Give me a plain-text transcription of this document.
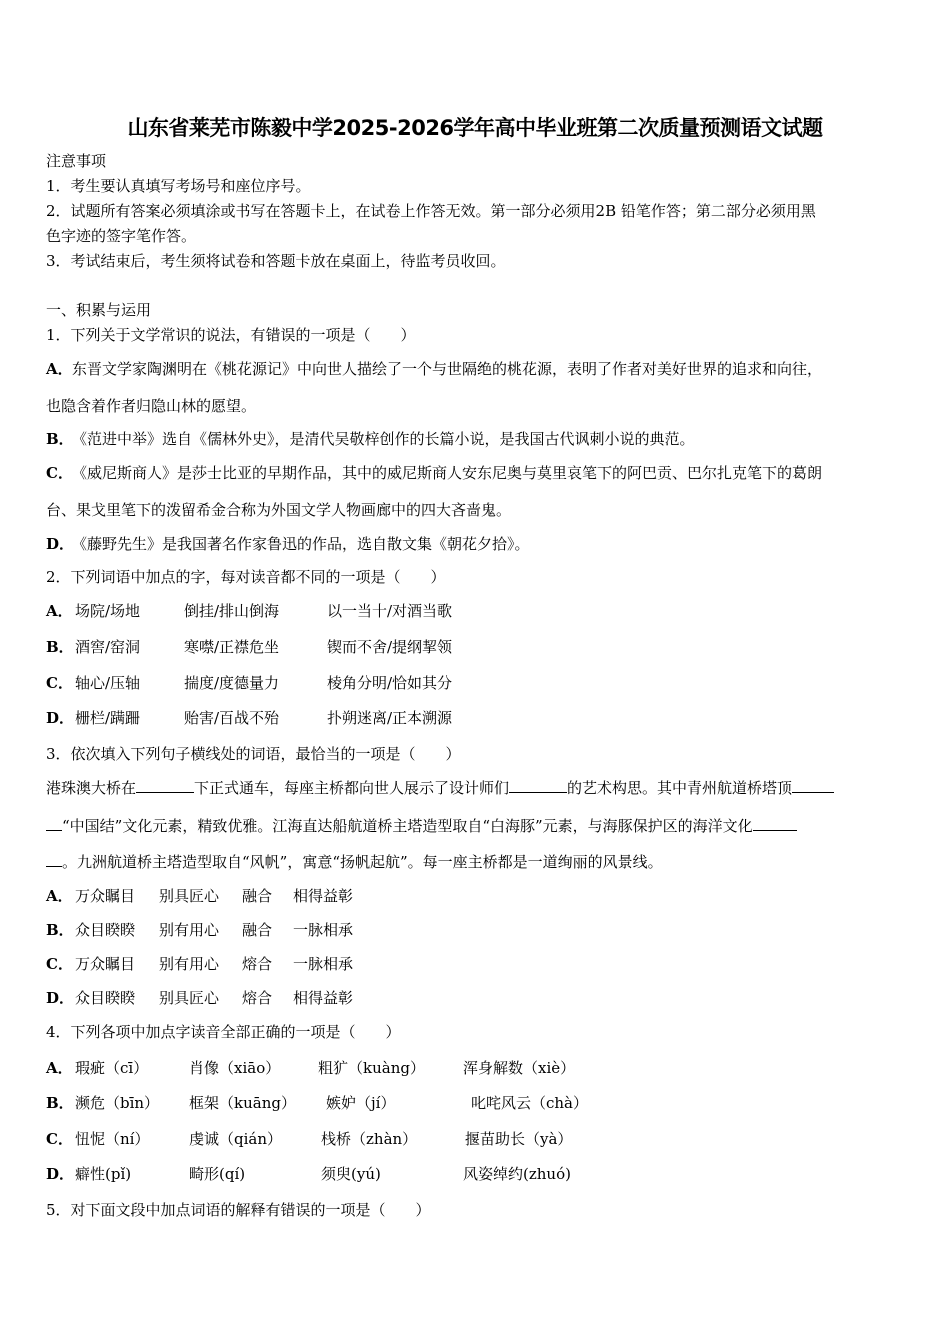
山东省莱芜市陈毅中学2025-2026学年高中毕业班第二次质量预测语文试题
注意事项
1．考生要认真填写考场号和座位序号。
2．试题所有答案必须填涂或书写在答题卡上，在试卷上作答无效。第一部分必须用2B 铅笔作答；第二部分必须用黑
色字迹的签字笔作答。
3．考试结束后，考生须将试卷和答题卡放在桌面上，待监考员收回。
一、积累与运用
1．下列关于文学常识的说法，有错误的一项是（　　）
A．东晋文学家陶渊明在《桃花源记》中向世人描绘了一个与世隔绝的桃花源，表明了作者对美好世界的追求和向往，
也隐含着作者归隐山林的愿望。
B．《范进中举》选自《儒林外史》，是清代吴敬梓创作的长篇小说，是我国古代讽刺小说的典范。
C．《威尼斯商人》是莎士比亚的早期作品，其中的威尼斯商人安东尼奥与莫里哀笔下的阿巴贡、巴尔扎克笔下的葛朗
台、果戈里笔下的泼留希金合称为外国文学人物画廊中的四大吝啬鬼。
D．《藤野先生》是我国著名作家鲁迅的作品，选自散文集《朝花夕拾》。
2．下列词语中加点的字，每对读音都不同的一项是（　　）
A． 场院/场地	倒挂/排山倒海	以一当十/对酒当歌
B． 酒窖/窑洞	寒噤/正襟危坐	锲而不舍/提纲挈领
C． 轴心/压轴	揣度/度德量力	棱角分明/恰如其分
D． 栅栏/蹒跚	贻害/百战不殆	扑朔迷离/正本溯源
3．依次填入下列句子横线处的词语，最恰当的一项是（　　）
港珠澳大桥在	下正式通车，每座主桥都向世人展示了设计师们	的艺术构思。其中青州航道桥塔顶
“中国结”文化元素，精致优雅。江海直达船航道桥主塔造型取自“白海豚”元素，与海豚保护区的海洋文化
。九洲航道桥主塔造型取自“风帆”，寓意“扬帆起航”。每一座主桥都是一道绚丽的风景线。
A． 万众瞩目 别具匠心 融合 相得益彰
B． 众目睽睽 别有用心 融合 一脉相承
C． 万众瞩目 别有用心 熔合 一脉相承
D． 众目睽睽 别具匠心 熔合 相得益彰
4．下列各项中加点字读音全部正确的一项是（　　）
A． 瑕疵（cī）	肖像（xiāo）	粗犷（kuàng）	浑身解数（xiè）
B． 濒危（bīn） 框架（kuāng） 嫉妒（jí）	叱咤风云（chà）
C． 忸怩（ní）	虔诚（qián）	栈桥（zhàn）	揠苗助长（yà）
D． 癖性(pǐ)	畸形(qí)	须臾(yú)	风姿绰约(zhuó)
5．对下面文段中加点词语的解释有错误的一项是（　　）
